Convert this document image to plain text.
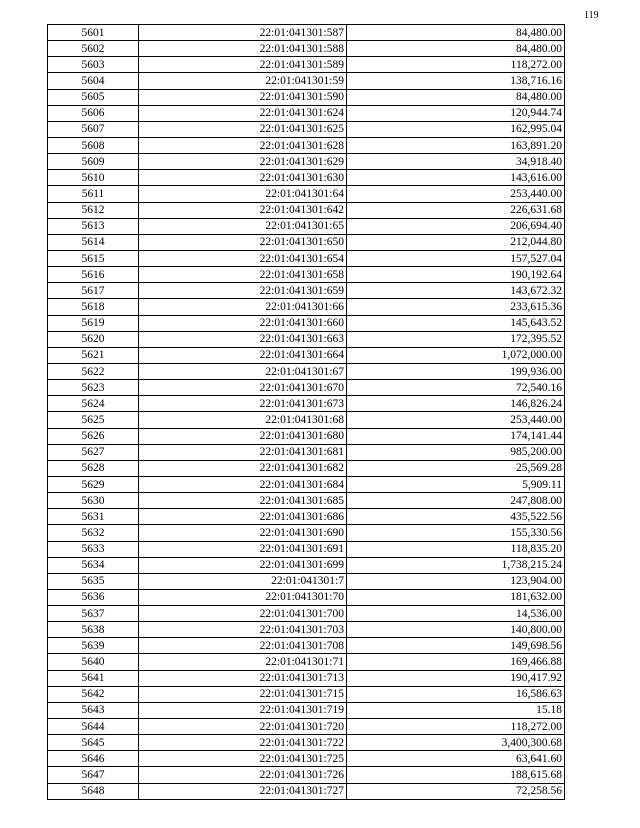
119
5601	22:01:041301:587	84,480.00
5602	22:01:041301:588	84,480.00
5603	22:01:041301:589	118,272.00
5604	22:01:041301:59	138,716.16
5605	22:01:041301:590	84,480.00
5606	22:01:041301:624	120,944.74
5607	22:01:041301:625	162,995.04
5608	22:01:041301:628	163,891.20
5609	22:01:041301:629	34,918.40
5610	22:01:041301:630	143,616.00
5611	22:01:041301:64	253,440.00
5612	22:01:041301:642	226,631.68
5613	22:01:041301:65	206,694.40
5614	22:01:041301:650	212,044.80
5615	22:01:041301:654	157,527.04
5616	22:01:041301:658	190,192.64
5617	22:01:041301:659	143,672.32
5618	22:01:041301:66	233,615.36
5619	22:01:041301:660	145,643.52
5620	22:01:041301:663	172,395.52
5621	22:01:041301:664	1,072,000.00
5622	22:01:041301:67	199,936.00
5623	22:01:041301:670	72,540.16
5624	22:01:041301:673	146,826.24
5625	22:01:041301:68	253,440.00
5626	22:01:041301:680	174,141.44
5627	22:01:041301:681	985,200.00
5628	22:01:041301:682	25,569.28
5629	22:01:041301:684	5,909.11
5630	22:01:041301:685	247,808.00
5631	22:01:041301:686	435,522.56
5632	22:01:041301:690	155,330.56
5633	22:01:041301:691	118,835.20
5634	22:01:041301:699	1,738,215.24
5635	22:01:041301:7	123,904.00
5636	22:01:041301:70	181,632.00
5637	22:01:041301:700	14,536.00
5638	22:01:041301:703	140,800.00
5639	22:01:041301:708	149,698.56
5640	22:01:041301:71	169,466.88
5641	22:01:041301:713	190,417.92
5642	22:01:041301:715	16,586.63
5643	22:01:041301:719	15.18
5644	22:01:041301:720	118,272.00
5645	22:01:041301:722	3,400,300.68
5646	22:01:041301:725	63,641.60
5647	22:01:041301:726	188,615.68
5648	22:01:041301:727	72,258.56
